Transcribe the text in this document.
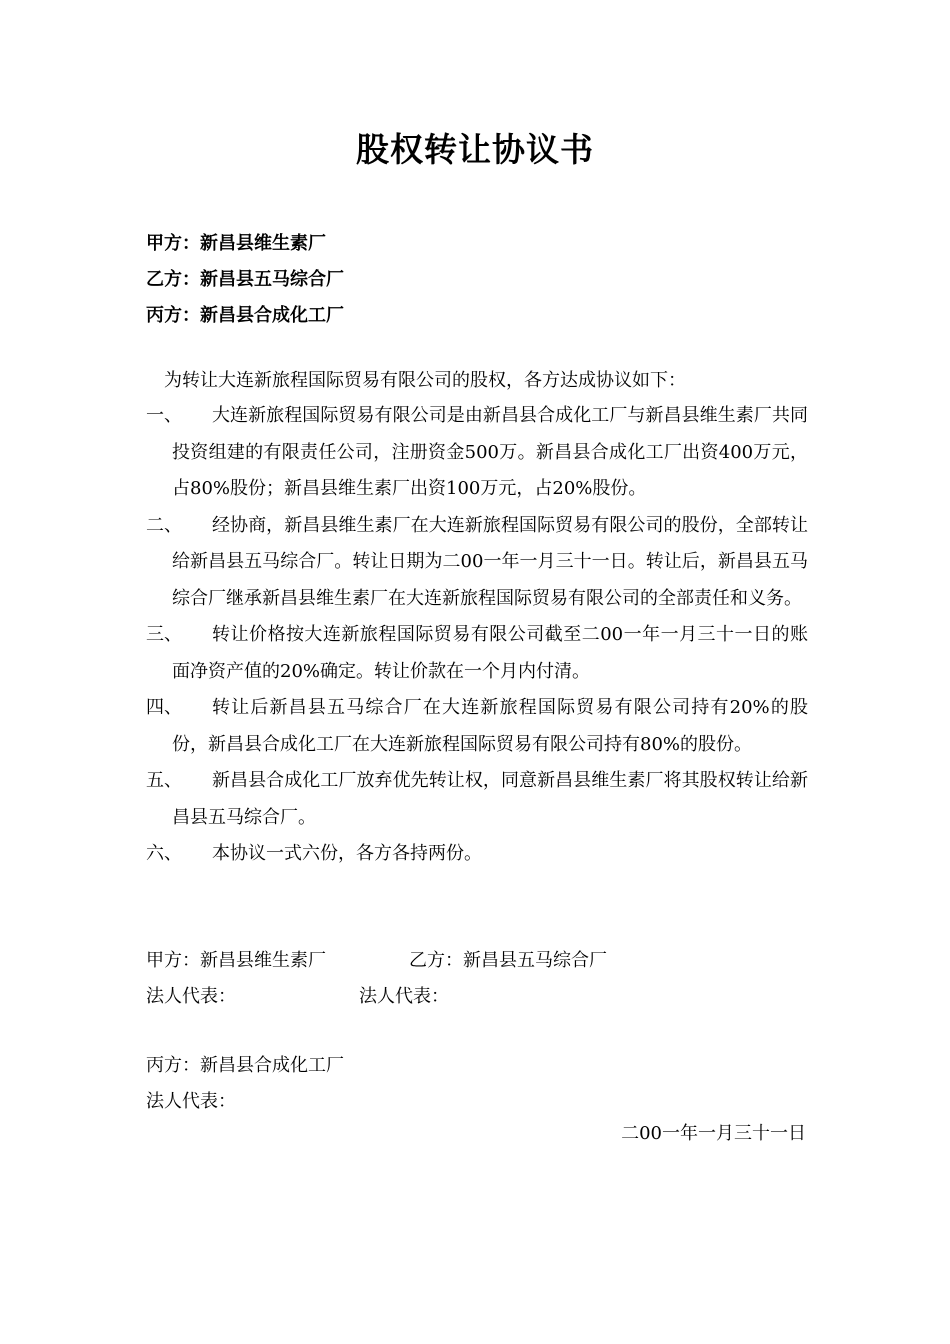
股权转让协议书
甲方：新昌县维生素厂
乙方：新昌县五马综合厂
丙方：新昌县合成化工厂
为转让大连新旅程国际贸易有限公司的股权，各方达成协议如下：
一、	大连新旅程国际贸易有限公司是由新昌县合成化工厂与新昌县维生素厂共同投资组建的有限责任公司，注册资金500万。新昌县合成化工厂出资400万元，占80%股份；新昌县维生素厂出资100万元，占20%股份。
二、	经协商，新昌县维生素厂在大连新旅程国际贸易有限公司的股份，全部转让给新昌县五马综合厂。转让日期为二00一年一月三十一日。转让后，新昌县五马综合厂继承新昌县维生素厂在大连新旅程国际贸易有限公司的全部责任和义务。
三、	转让价格按大连新旅程国际贸易有限公司截至二00一年一月三十一日的账面净资产值的20%确定。转让价款在一个月内付清。
四、	转让后新昌县五马综合厂在大连新旅程国际贸易有限公司持有20%的股份，新昌县合成化工厂在大连新旅程国际贸易有限公司持有80%的股份。
五、	新昌县合成化工厂放弃优先转让权，同意新昌县维生素厂将其股权转让给新昌县五马综合厂。
六、	本协议一式六份，各方各持两份。
甲方：新昌县维生素厂	乙方：新昌县五马综合厂
法人代表：	法人代表：
丙方：新昌县合成化工厂
法人代表：
二00一年一月三十一日
